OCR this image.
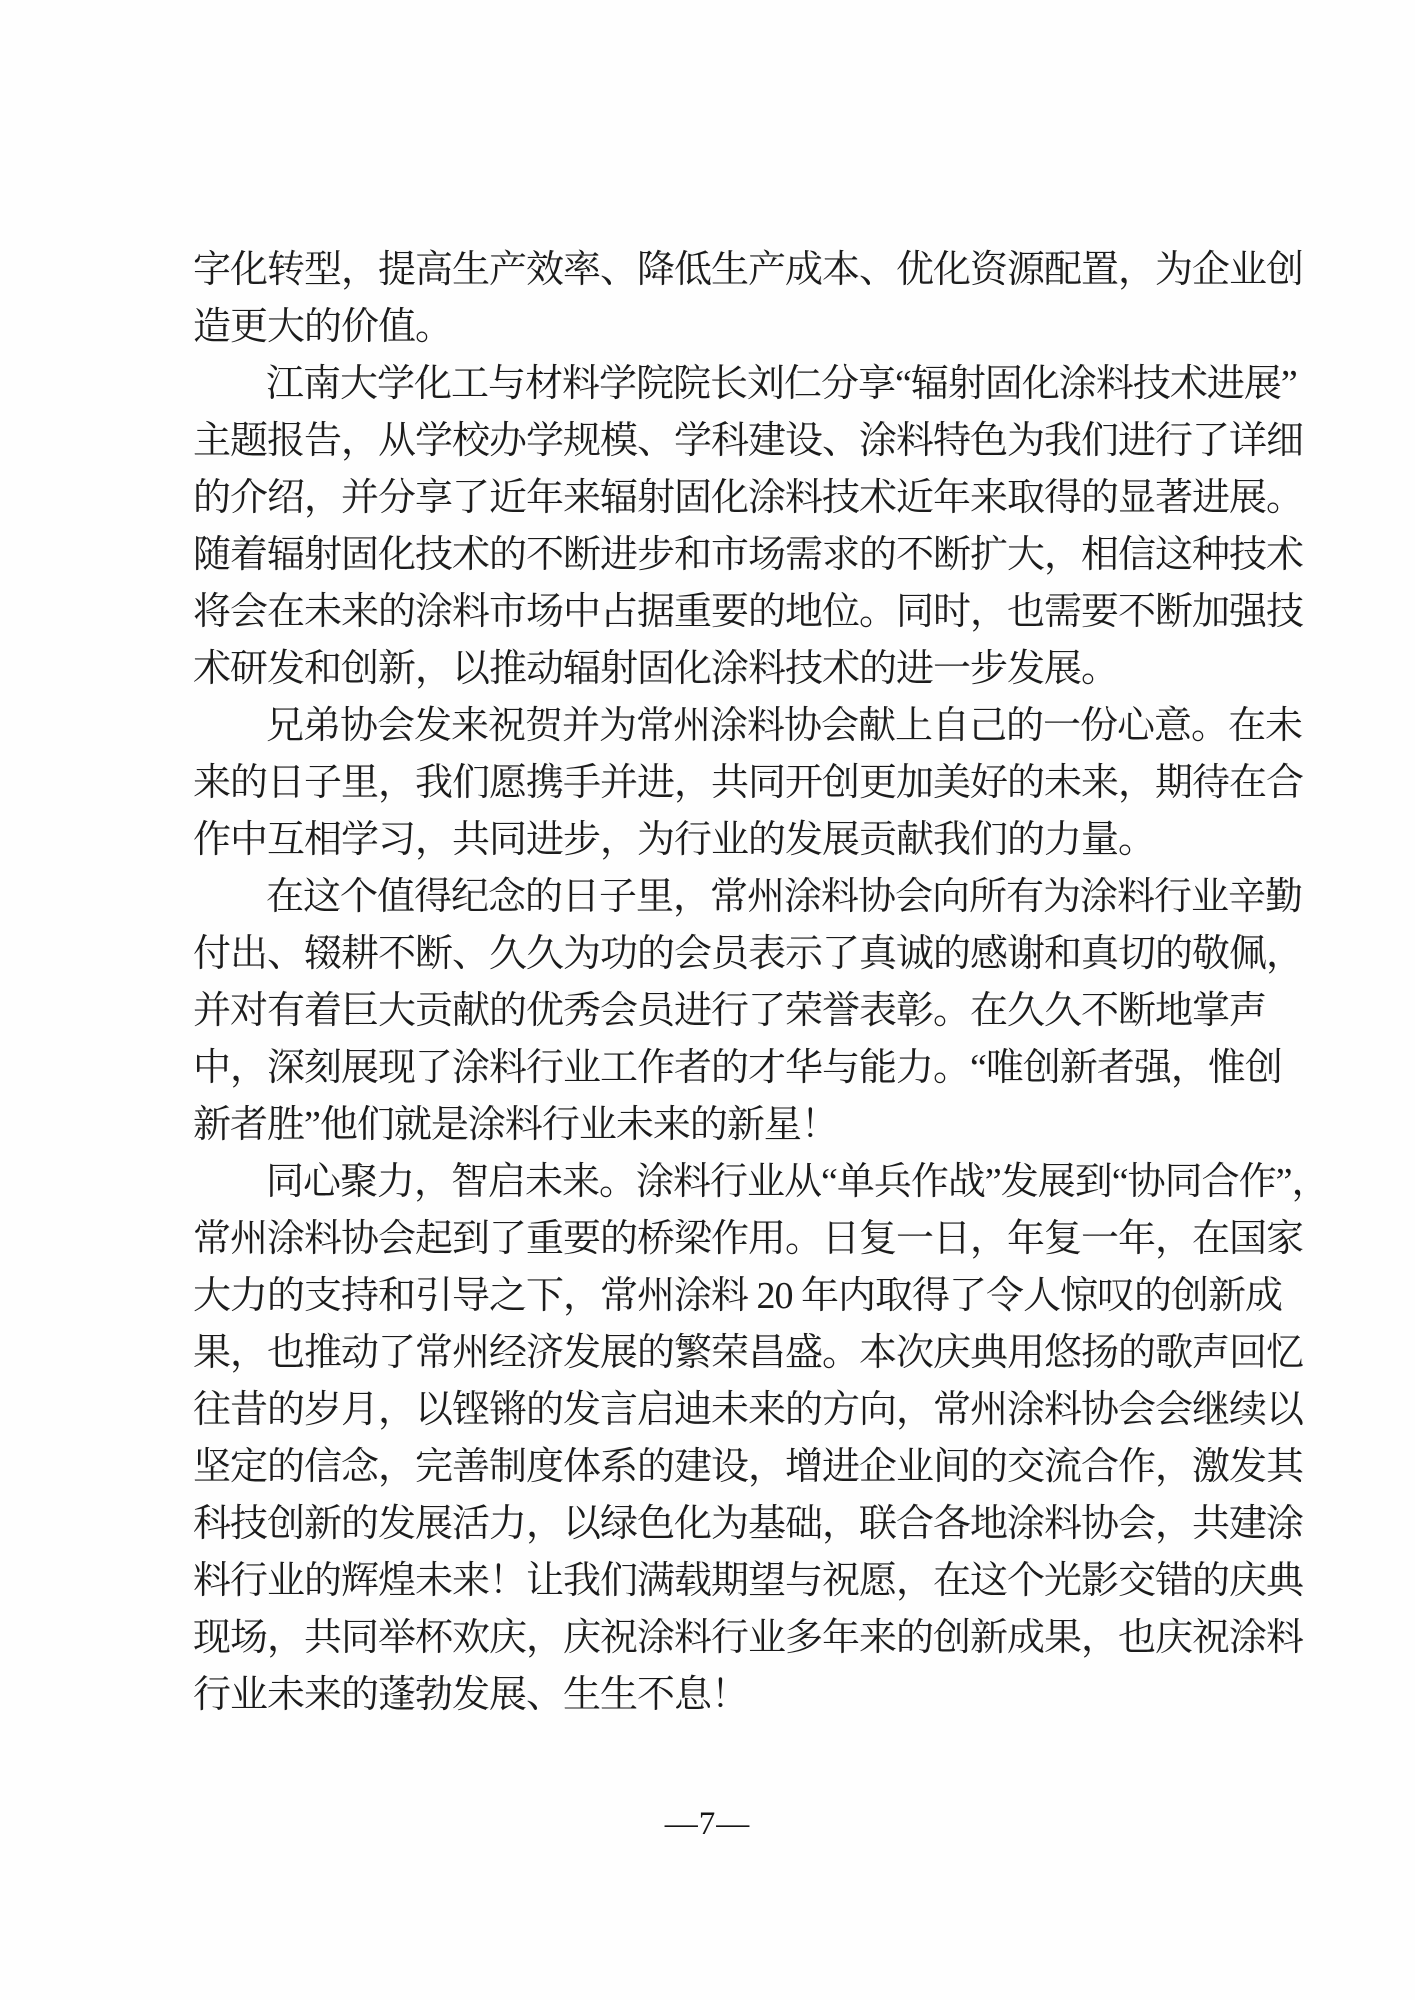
字化转型，提高生产效率、降低生产成本、优化资源配置，为企业创
造更大的价值。
江南大学化工与材料学院院长刘仁分享“辐射固化涂料技术进展”
主题报告，从学校办学规模、学科建设、涂料特色为我们进行了详细
的介绍，并分享了近年来辐射固化涂料技术近年来取得的显著进展。
随着辐射固化技术的不断进步和市场需求的不断扩大，相信这种技术
将会在未来的涂料市场中占据重要的地位。同时，也需要不断加强技
术研发和创新，以推动辐射固化涂料技术的进一步发展。
兄弟协会发来祝贺并为常州涂料协会献上自己的一份心意。在未
来的日子里，我们愿携手并进，共同开创更加美好的未来，期待在合
作中互相学习，共同进步，为行业的发展贡献我们的力量。
在这个值得纪念的日子里，常州涂料协会向所有为涂料行业辛勤
付出、辍耕不断、久久为功的会员表示了真诚的感谢和真切的敬佩，
并对有着巨大贡献的优秀会员进行了荣誉表彰。在久久不断地掌声
中，深刻展现了涂料行业工作者的才华与能力。“唯创新者强，惟创
新者胜”他们就是涂料行业未来的新星！
同心聚力，智启未来。涂料行业从“单兵作战”发展到“协同合作”，
常州涂料协会起到了重要的桥梁作用。日复一日，年复一年，在国家
大力的支持和引导之下，常州涂料 20 年内取得了令人惊叹的创新成
果，也推动了常州经济发展的繁荣昌盛。本次庆典用悠扬的歌声回忆
往昔的岁月，以铿锵的发言启迪未来的方向，常州涂料协会会继续以
坚定的信念，完善制度体系的建设，增进企业间的交流合作，激发其
科技创新的发展活力，以绿色化为基础，联合各地涂料协会，共建涂
料行业的辉煌未来！让我们满载期望与祝愿，在这个光影交错的庆典
现场，共同举杯欢庆，庆祝涂料行业多年来的创新成果，也庆祝涂料
行业未来的蓬勃发展、生生不息！
—7—
